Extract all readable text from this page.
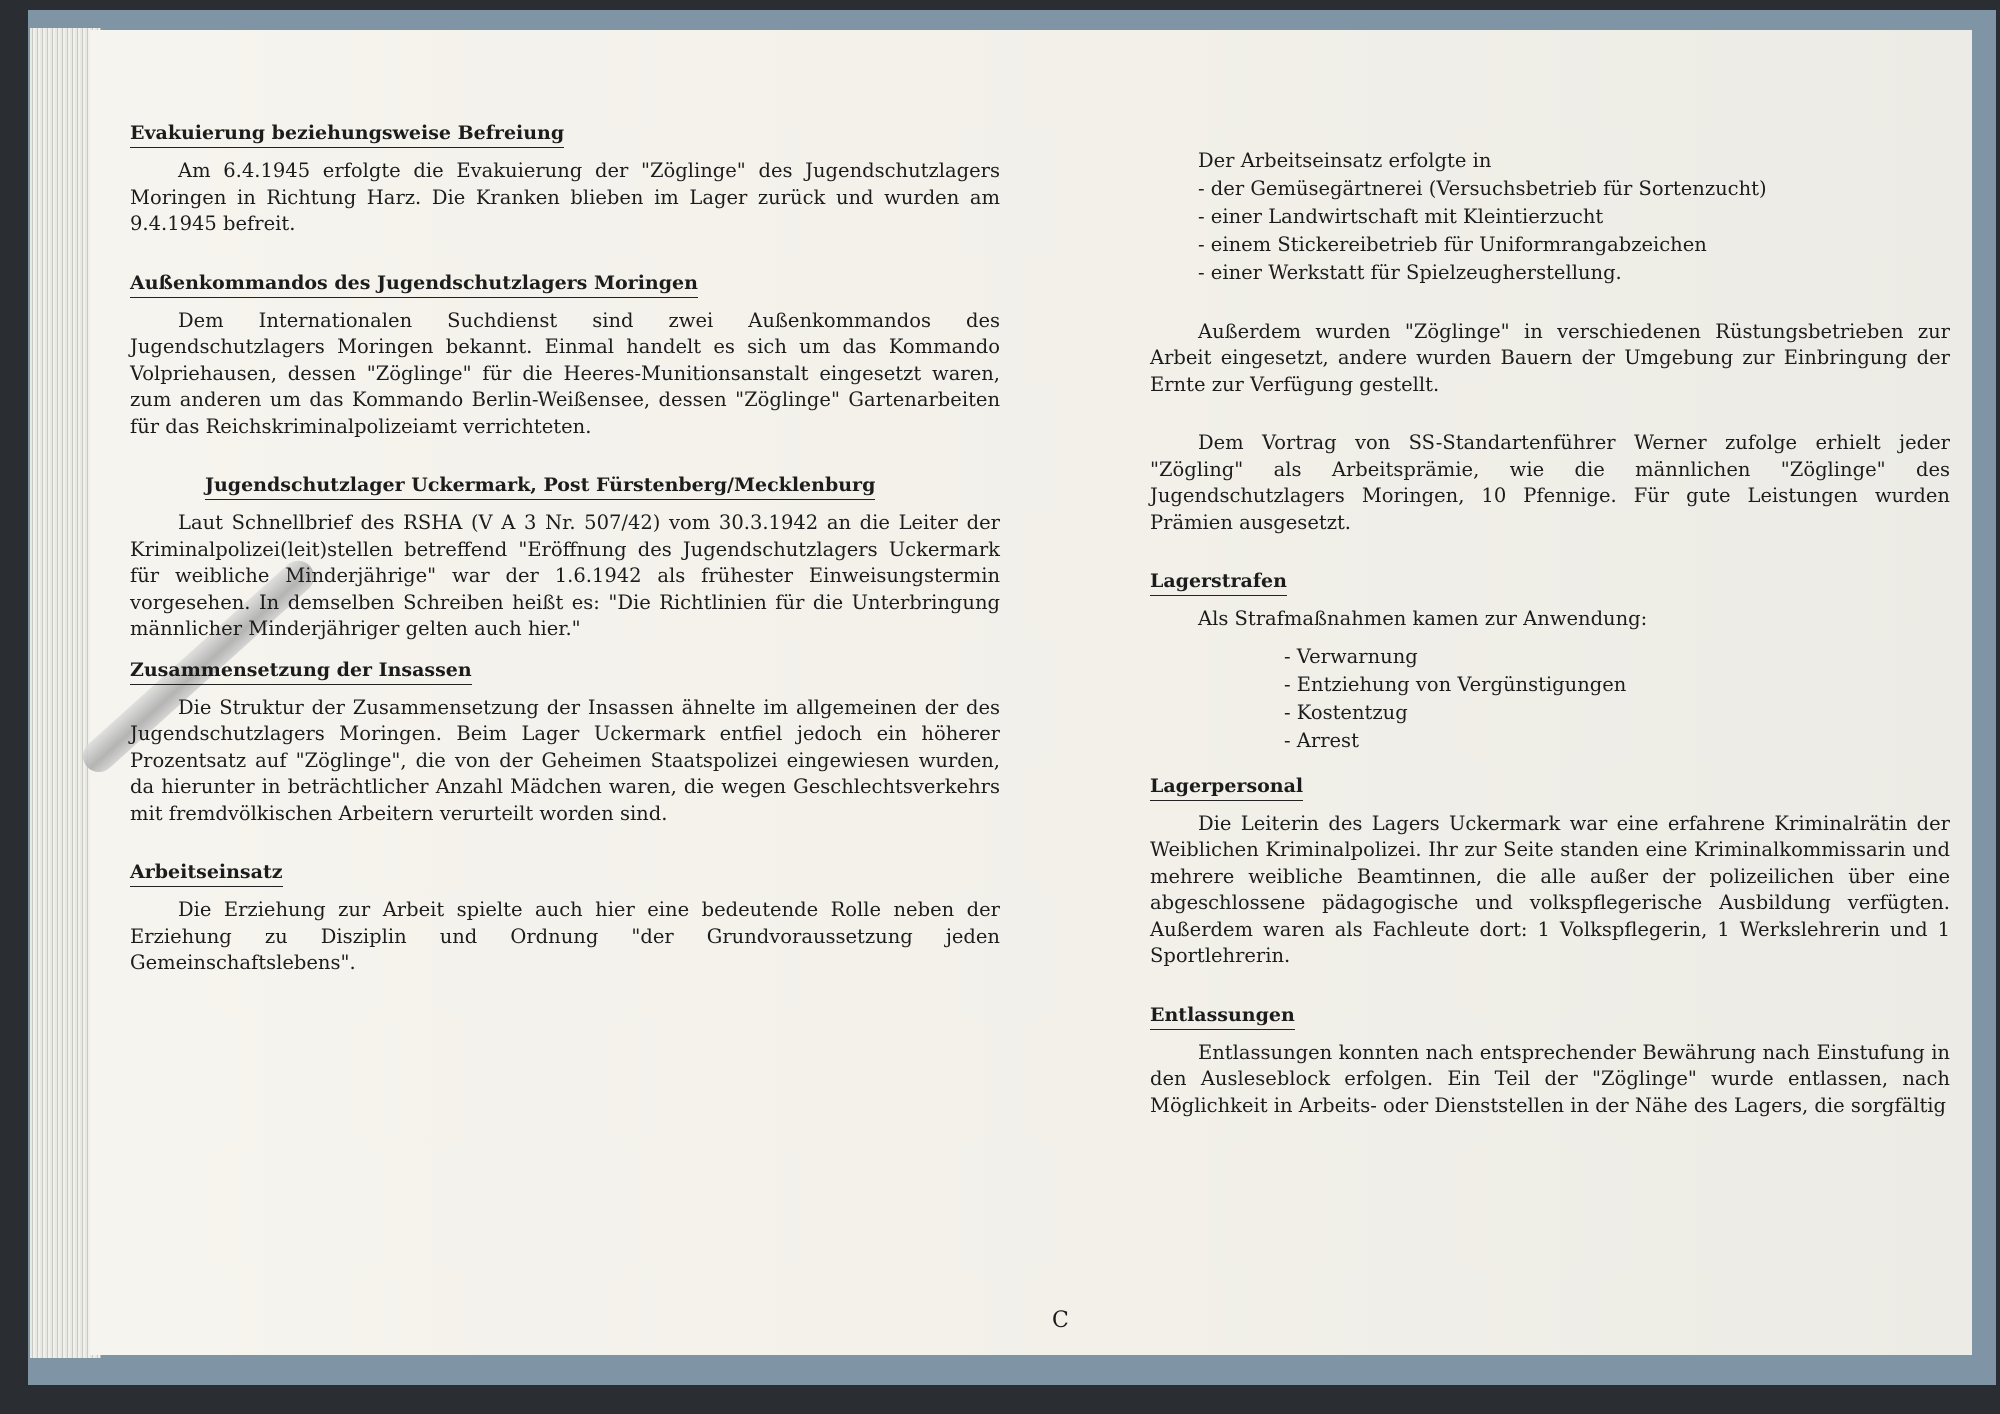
Evakuierung beziehungsweise Befreiung

Am 6.4.1945 erfolgte die Evakuierung der "Zöglinge" des Jugendschutzlagers Moringen in Richtung Harz. Die Kranken blieben im Lager zurück und wurden am 9.4.1945 befreit.

Außenkommandos des Jugendschutzlagers Moringen

Dem Internationalen Suchdienst sind zwei Außenkommandos des Jugendschutzlagers Moringen bekannt. Einmal handelt es sich um das Kommando Volpriehausen, dessen "Zöglinge" für die Heeres-Munitionsanstalt eingesetzt waren, zum anderen um das Kommando Berlin-Weißensee, dessen "Zöglinge" Gartenarbeiten für das Reichskriminalpolizeiamt verrichteten.

Jugendschutzlager Uckermark, Post Fürstenberg/Mecklenburg

Laut Schnellbrief des RSHA (V A 3 Nr. 507/42) vom 30.3.1942 an die Leiter der Kriminalpolizei(leit)stellen betreffend "Eröffnung des Jugendschutzlagers Uckermark für weibliche Minderjährige" war der 1.6.1942 als frühester Einweisungstermin vorgesehen. In demselben Schreiben heißt es: "Die Richtlinien für die Unterbringung männlicher Minderjähriger gelten auch hier."

Zusammensetzung der Insassen

Die Struktur der Zusammensetzung der Insassen ähnelte im allgemeinen der des Jugendschutzlagers Moringen. Beim Lager Uckermark entfiel jedoch ein höherer Prozentsatz auf "Zöglinge", die von der Geheimen Staatspolizei eingewiesen wurden, da hierunter in beträchtlicher Anzahl Mädchen waren, die wegen Geschlechtsverkehrs mit fremdvölkischen Arbeitern verurteilt worden sind.

Arbeitseinsatz

Die Erziehung zur Arbeit spielte auch hier eine bedeutende Rolle neben der Erziehung zu Disziplin und Ordnung "der Grundvoraussetzung jeden Gemeinschaftslebens".

Der Arbeitseinsatz erfolgte in

- der Gemüsegärtnerei (Versuchsbetrieb für Sortenzucht)
- einer Landwirtschaft mit Kleintierzucht
- einem Stickereibetrieb für Uniformrangabzeichen
- einer Werkstatt für Spielzeugherstellung.

Außerdem wurden "Zöglinge" in verschiedenen Rüstungsbetrieben zur Arbeit eingesetzt, andere wurden Bauern der Umgebung zur Einbringung der Ernte zur Verfügung gestellt.

Dem Vortrag von SS-Standartenführer Werner zufolge erhielt jeder "Zögling" als Arbeitsprämie, wie die männlichen "Zöglinge" des Jugendschutzlagers Moringen, 10 Pfennige. Für gute Leistungen wurden Prämien ausgesetzt.

Lagerstrafen

Als Strafmaßnahmen kamen zur Anwendung:

- Verwarnung
- Entziehung von Vergünstigungen
- Kostentzug
- Arrest
Lagerpersonal

Die Leiterin des Lagers Uckermark war eine erfahrene Kriminalrätin der Weiblichen Kriminalpolizei. Ihr zur Seite standen eine Kriminalkommissarin und mehrere weibliche Beamtinnen, die alle außer der polizeilichen über eine abgeschlossene pädagogische und volkspflegerische Ausbildung verfügten. Außerdem waren als Fachleute dort: 1 Volkspflegerin, 1 Werkslehrerin und 1 Sportlehrerin.

Entlassungen

Entlassungen konnten nach entsprechender Bewährung nach Einstufung in den Ausleseblock erfolgen. Ein Teil der "Zöglinge" wurde entlassen, nach Möglichkeit in Arbeits- oder Dienststellen in der Nähe des Lagers, die sorgfältig

C
